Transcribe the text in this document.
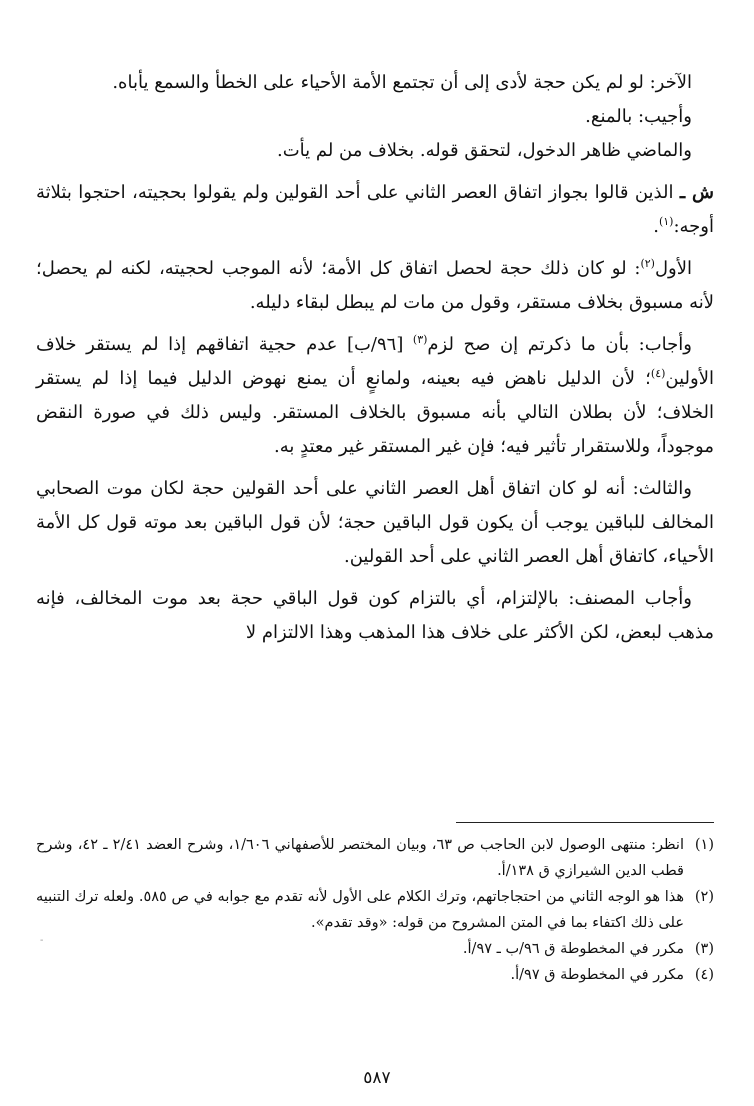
الآخر: لو لم يكن حجة لأدى إلى أن تجتمع الأمة الأحياء على الخطأ والسمع يأباه.

وأجيب: بالمنع.

والماضي ظاهر الدخول، لتحقق قوله. بخلاف من لم يأت.

ش ـ الذين قالوا بجواز اتفاق العصر الثاني على أحد القولين ولم يقولوا بحجيته، احتجوا بثلاثة أوجه:$^{(١)}$.

الأول$^{(٢)}$: لو كان ذلك حجة لحصل اتفاق كل الأمة؛ لأنه الموجب لحجيته، لكنه لم يحصل؛ لأنه مسبوق بخلاف مستقر، وقول من مات لم يبطل لبقاء دليله.

وأجاب: بأن ما ذكرتم إن صح لزم$^{(٣)}$ [٩٦/ب] عدم حجية اتفاقهم إذا لم يستقر خلاف الأولين$^{(٤)}$؛ لأن الدليل ناهض فيه بعينه، ولمانعٍ أن يمنع نهوض الدليل فيما إذا لم يستقر الخلاف؛ لأن بطلان التالي بأنه مسبوق بالخلاف المستقر. وليس ذلك في صورة النقض موجوداً، وللاستقرار تأثير فيه؛ فإن غير المستقر غير معتدٍ به.

والثالث: أنه لو كان اتفاق أهل العصر الثاني على أحد القولين حجة لكان موت الصحابي المخالف للباقين يوجب أن يكون قول الباقين حجة؛ لأن قول الباقين بعد موته قول كل الأمة الأحياء، كاتفاق أهل العصر الثاني على أحد القولين.

وأجاب المصنف: بالإلتزام، أي بالتزام كون قول الباقي حجة بعد موت المخالف، فإنه مذهب لبعض، لكن الأكثر على خلاف هذا المذهب وهذا الالتزام لا

(١)
انظر: منتهى الوصول لابن الحاجب ص ٦٣، وبيان المختصر للأصفهاني ١/٦٠٦، وشرح العضد ٢/٤١ ـ ٤٢، وشرح قطب الدين الشيرازي ق ١٣٨/أ.

(٢)
هذا هو الوجه الثاني من احتجاجاتهم، وترك الكلام على الأول لأنه تقدم مع جوابه في ص ٥٨٥. ولعله ترك التنبيه على ذلك اكتفاء بما في المتن المشروح من قوله: «وقد تقدم».

(٣)
مكرر في المخطوطة ق ٩٦/ب ـ ٩٧/أ.

(٤)
مكرر في المخطوطة ق ٩٧/أ.

-
٥٨٧
